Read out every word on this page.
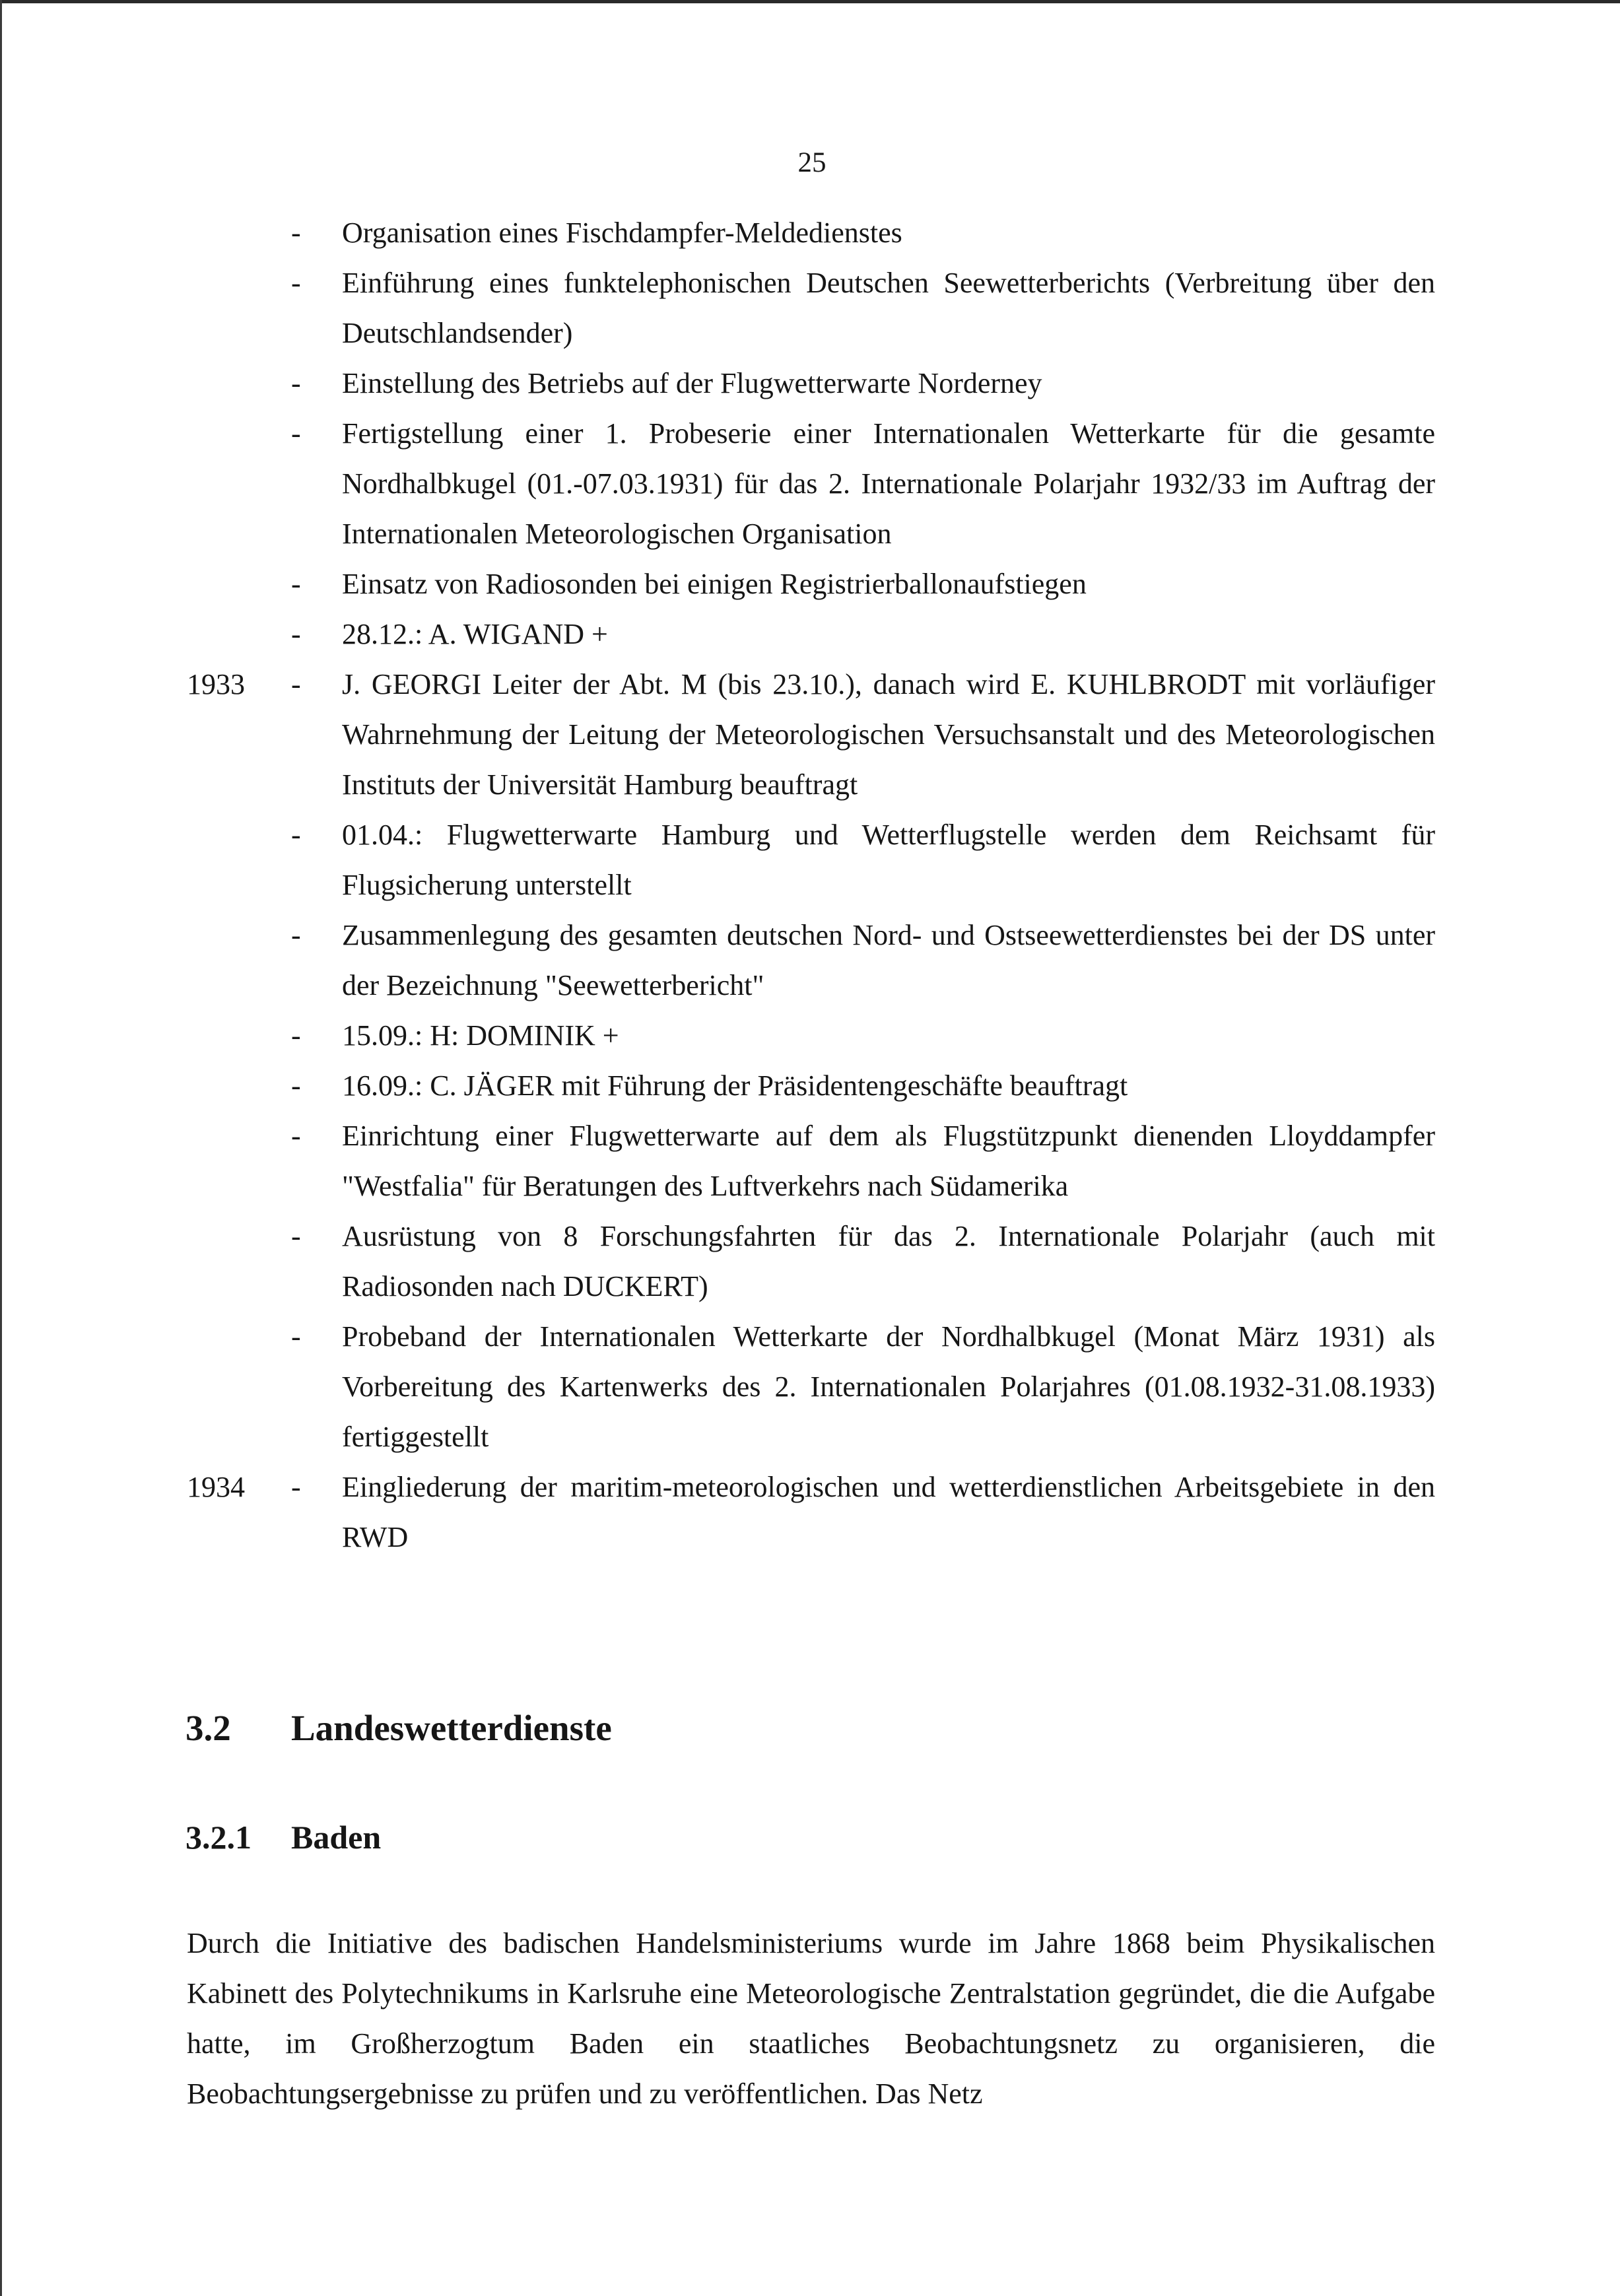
25
-	Organisation eines Fischdampfer-Meldedienstes
-	Einführung eines funktelephonischen Deutschen Seewetterberichts (Verbreitung über den Deutschlandsender)
-	Einstellung des Betriebs auf der Flugwetterwarte Norderney
-	Fertigstellung einer 1. Probeserie einer Internationalen Wetterkarte für die gesamte Nordhalbkugel (01.-07.03.1931) für das 2. Internationale Polarjahr 1932/33 im Auftrag der Internationalen Meteorologischen Organisation
-	Einsatz von Radiosonden bei einigen Registrierballonaufstiegen
-	28.12.: A. WIGAND +
1933	-	J. GEORGI Leiter der Abt. M (bis 23.10.), danach wird E. KUHLBRODT mit vorläufiger Wahrnehmung der Leitung der Meteorologischen Versuchsanstalt und des Meteorologischen Instituts der Universität Hamburg beauftragt
-	01.04.: Flugwetterwarte Hamburg und Wetterflugstelle werden dem Reichsamt für Flugsicherung unterstellt
-	Zusammenlegung des gesamten deutschen Nord- und Ostseewetterdienstes bei der DS unter der Bezeichnung "Seewetterbericht"
-	15.09.: H: DOMINIK +
-	16.09.: C. JÄGER mit Führung der Präsidentengeschäfte beauftragt
-	Einrichtung einer Flugwetterwarte auf dem als Flugstützpunkt dienenden Lloyddampfer "Westfalia" für Beratungen des Luftverkehrs nach Südamerika
-	Ausrüstung von 8 Forschungsfahrten für das 2. Internationale Polarjahr (auch mit Radiosonden nach DUCKERT)
-	Probeband der Internationalen Wetterkarte der Nordhalbkugel (Monat März 1931) als Vorbereitung des Kartenwerks des 2. Internationalen Polarjahres (01.08.1932-31.08.1933) fertiggestellt
1934	-	Eingliederung der maritim-meteorologischen und wetterdienstlichen Arbeitsgebiete in den RWD
3.2 Landeswetterdienste
3.2.1 Baden
Durch die Initiative des badischen Handelsministeriums wurde im Jahre 1868 beim Physikalischen Kabinett des Polytechnikums in Karlsruhe eine Meteorologische Zentralstation gegründet, die die Aufgabe hatte, im Großherzogtum Baden ein staatliches Beobachtungsnetz zu organisieren, die Beobachtungsergebnisse zu prüfen und zu veröffentlichen. Das Netz
